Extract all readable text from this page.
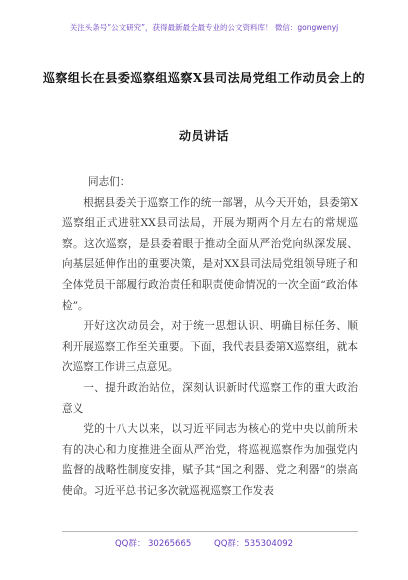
关注头条号“公文研究”，获得最新最全最专业的公文资料库！ 微信：gongwenyj
巡察组长在县委巡察组巡察X县司法局党组工作动员会上的
动员讲话

同志们：

根据县委关于巡察工作的统一部署，从今天开始，县委第X巡察组正式进驻XX县司法局，开展为期两个月左右的常规巡察。这次巡察，是县委着眼于推动全面从严治党向纵深发展、向基层延伸作出的重要决策，是对XX县司法局党组领导班子和全体党员干部履行政治责任和职责使命情况的一次全面“政治体检”。

开好这次动员会，对于统一思想认识、明确目标任务、顺利开展巡察工作至关重要。下面，我代表县委第X巡察组，就本次巡察工作讲三点意见。

一、提升政治站位，深刻认识新时代巡察工作的重大政治意义

党的十八大以来，以习近平同志为核心的党中央以前所未有的决心和力度推进全面从严治党，将巡视巡察作为加强党内监督的战略性制度安排，赋予其“国之利器、党之利器”的崇高使命。习近平总书记多次就巡视巡察工作发表

QQ群： 30265665	QQ群：535304092
